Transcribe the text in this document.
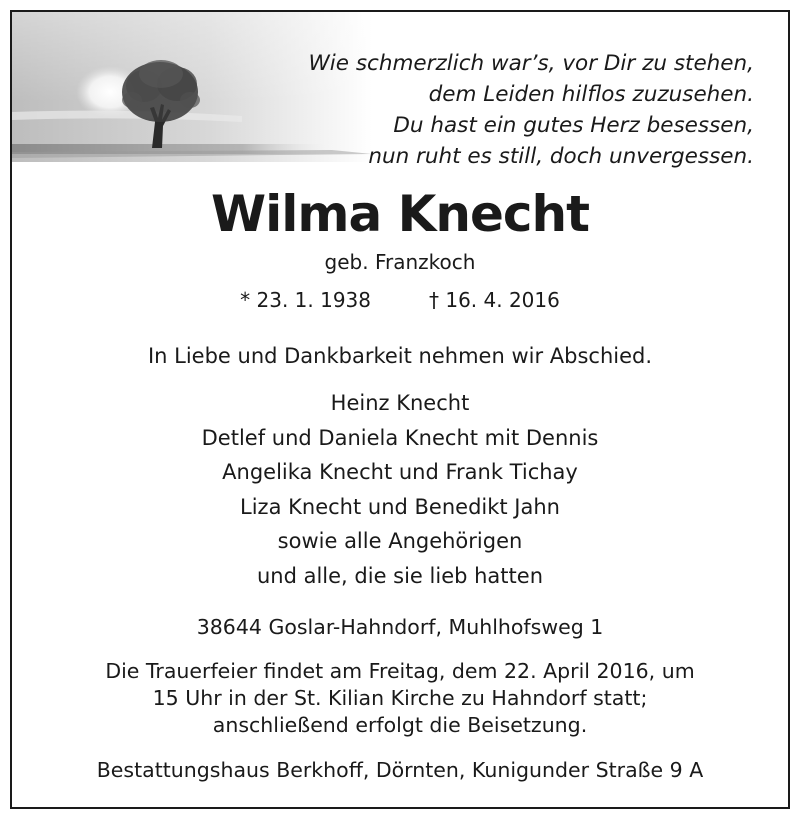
Wie schmerzlich war’s, vor Dir zu stehen,
dem Leiden hilflos zuzusehen.
Du hast ein gutes Herz besessen,
nun ruht es still, doch unvergessen.
Wilma Knecht
geb. Franzkoch
* 23. 1. 1938	† 16. 4. 2016
In Liebe und Dankbarkeit nehmen wir Abschied.
Heinz Knecht
Detlef und Daniela Knecht mit Dennis
Angelika Knecht und Frank Tichay
Liza Knecht und Benedikt Jahn
sowie alle Angehörigen
und alle, die sie lieb hatten
38644 Goslar-Hahndorf, Muhlhofsweg 1
Die Trauerfeier findet am Freitag, dem 22. April 2016, um
15 Uhr in der St. Kilian Kirche zu Hahndorf statt;
anschließend erfolgt die Beisetzung.
Bestattungshaus Berkhoff, Dörnten, Kunigunder Straße 9 A
